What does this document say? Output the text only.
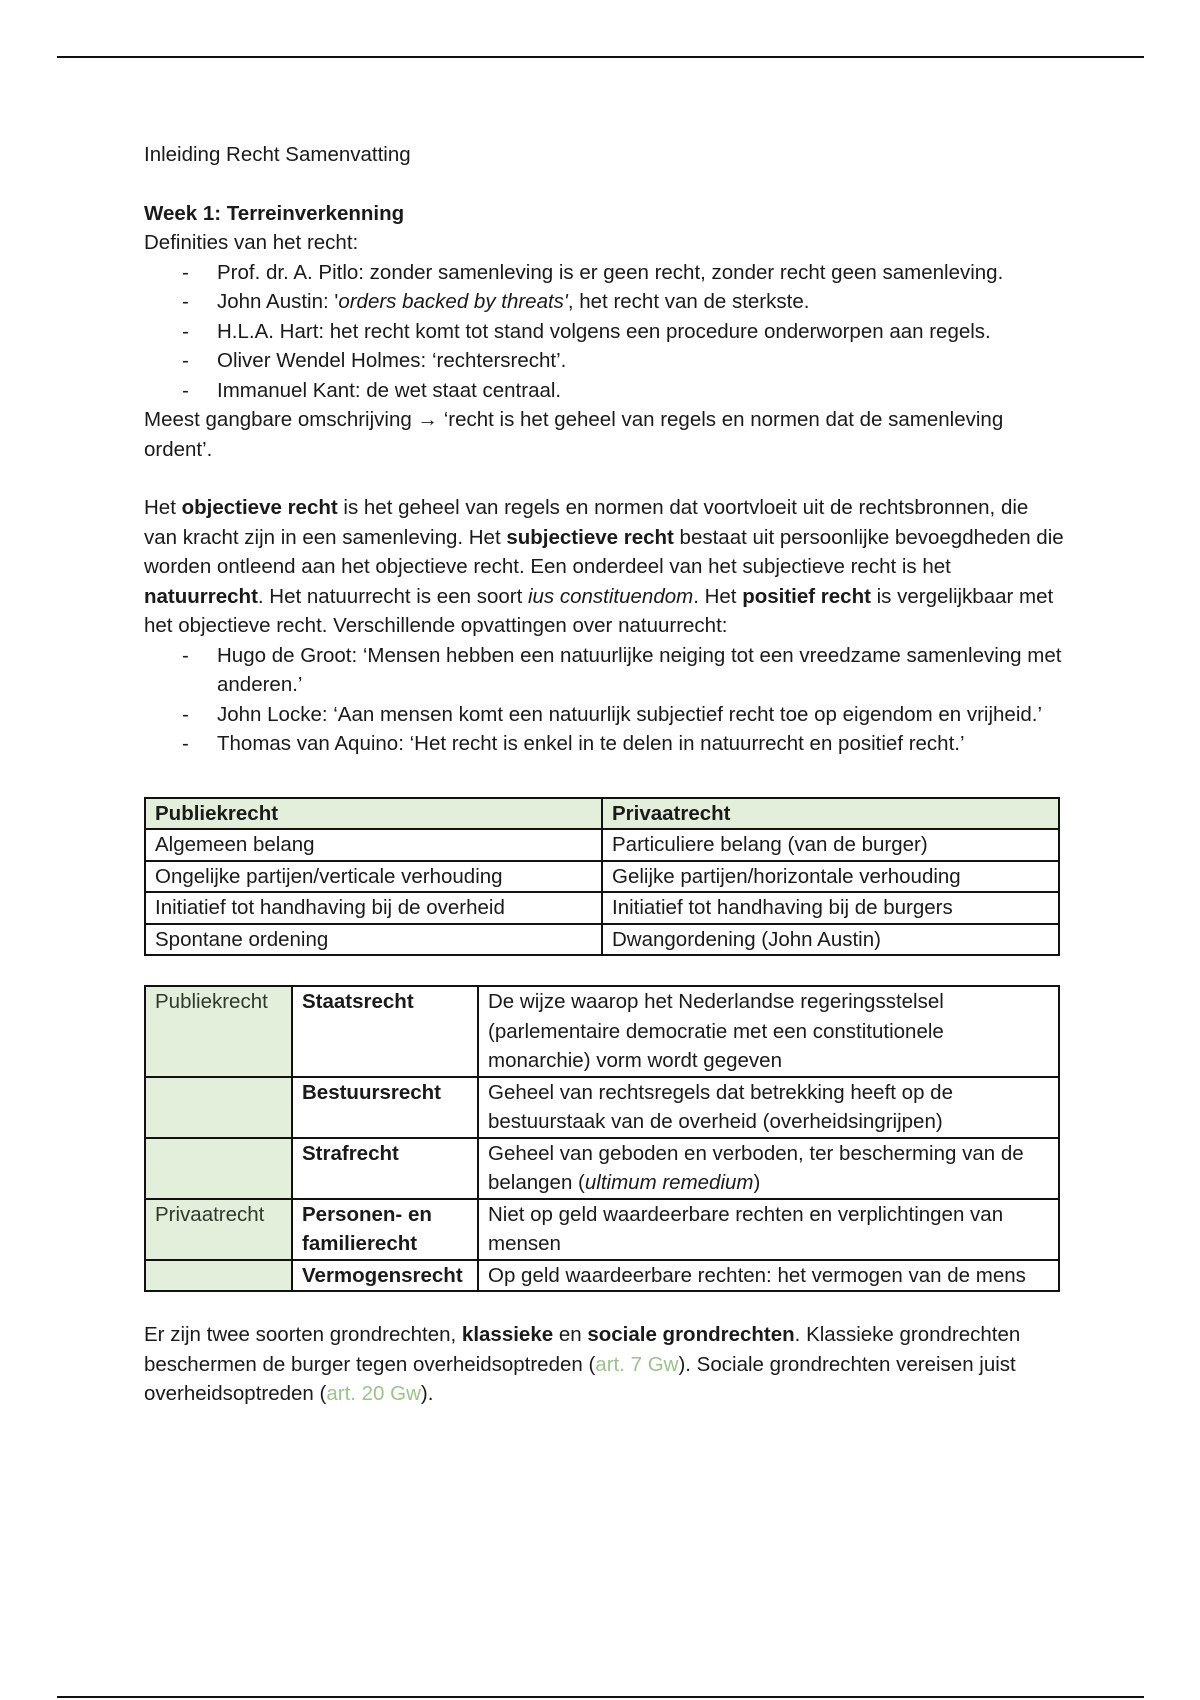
Inleiding Recht Samenvatting

Week 1: Terreinverkenning

Definities van het recht:

- Prof. dr. A. Pitlo: zonder samenleving is er geen recht, zonder recht geen samenleving.
- John Austin: 'orders backed by threats', het recht van de sterkste.
- H.L.A. Hart: het recht komt tot stand volgens een procedure onderworpen aan regels.
- Oliver Wendel Holmes: ‘rechtersrecht’.
- Immanuel Kant: de wet staat centraal.

Meest gangbare omschrijving → ‘recht is het geheel van regels en normen dat de samenleving ordent’.

Het objectieve recht is het geheel van regels en normen dat voortvloeit uit de rechtsbronnen, die van kracht zijn in een samenleving. Het subjectieve recht bestaat uit persoonlijke bevoegdheden die worden ontleend aan het objectieve recht. Een onderdeel van het subjectieve recht is het natuurrecht. Het natuurrecht is een soort ius constituendom. Het positief recht is vergelijkbaar met het objectieve recht. Verschillende opvattingen over natuurrecht:

- Hugo de Groot: ‘Mensen hebben een natuurlijke neiging tot een vreedzame samenleving met anderen.’
- John Locke: ‘Aan mensen komt een natuurlijk subjectief recht toe op eigendom en vrijheid.’
- Thomas van Aquino: ‘Het recht is enkel in te delen in natuurrecht en positief recht.’
Publiekrecht	Privaatrecht
Algemeen belang	Particuliere belang (van de burger)
Ongelijke partijen/verticale verhouding	Gelijke partijen/horizontale verhouding
Initiatief tot handhaving bij de overheid	Initiatief tot handhaving bij de burgers
Spontane ordening	Dwangordening (John Austin)
Publiekrecht	Staatsrecht	De wijze waarop het Nederlandse regeringsstelsel (parlementaire democratie met een constitutionele monarchie) vorm wordt gegeven
	Bestuursrecht	Geheel van rechtsregels dat betrekking heeft op de bestuurstaak van de overheid (overheidsingrijpen)
	Strafrecht	Geheel van geboden en verboden, ter bescherming van de belangen (ultimum remedium)
Privaatrecht	Personen- en familierecht	Niet op geld waardeerbare rechten en verplichtingen van mensen
	Vermogensrecht	Op geld waardeerbare rechten: het vermogen van de mens

Er zijn twee soorten grondrechten, klassieke en sociale grondrechten. Klassieke grondrechten beschermen de burger tegen overheidsoptreden (art. 7 Gw). Sociale grondrechten vereisen juist overheidsoptreden (art. 20 Gw).
